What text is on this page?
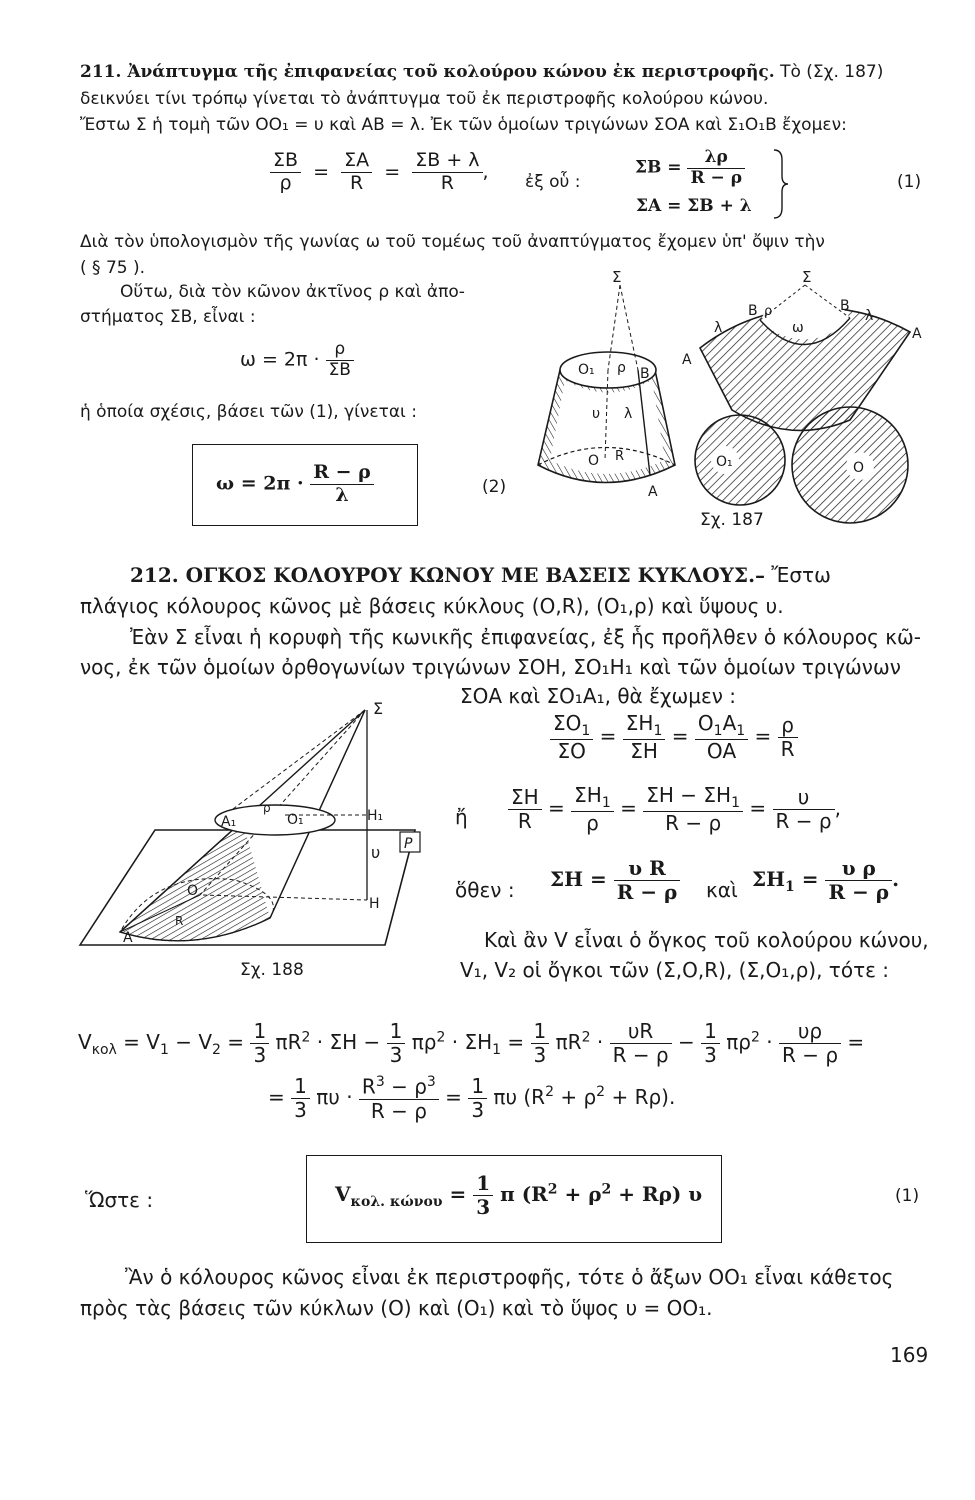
211. Ἀνάπτυγμα τῆς ἐπιφανείας τοῦ κολούρου κώνου ἐκ περιστροφῆς. Τὸ (Σχ. 187)
δεικνύει τίνι τρόπῳ γίνεται τὸ ἀνάπτυγμα τοῦ ἐκ περιστροφῆς κολούρου κώνου.
Ἔστω Σ ἡ τομὴ τῶν ΟΟ₁ = υ καὶ ΑΒ = λ. Ἐκ τῶν ὁμοίων τριγώνων ΣΟΑ καὶ Σ₁Ο₁Β ἔχομεν:
$\frac{\Sigma B}{\rho} = \frac{\Sigma A}{R} = \frac{\Sigma B + \lambda}{R}$ , ἐξ οὗ :
$\Sigma B = \frac{\lambda\rho}{R - \rho}$
ΣΑ = ΣΒ + λ
(1)
Διὰ τὸν ὑπολογισμὸν τῆς γωνίας ω τοῦ τομέως τοῦ ἀναπτύγματος ἔχομεν ὑπ' ὄψιν τὴν
( § 75 ).
Οὕτω, διὰ τὸν κῶνον ἀκτῖνος ρ καὶ ἀπο-
στήματος ΣΒ, εἶναι :
$\omega = 2\pi \cdot \frac{\rho}{\Sigma B}$
ἡ ὁποία σχέσις, βάσει τῶν (1), γίνεται :
$\omega = 2\pi \cdot \frac{R - \rho}{\lambda}$	(2)
Σ
O₁ ρ B
υ λ
O R
A
Σ
B ρ	B
ω
λ
λ
A
A
O₁	O
Σχ. 187
212. ΟΓΚΟΣ ΚΟΛΟΥΡΟΥ ΚΩΝΟΥ ΜΕ ΒΑΣΕΙΣ ΚΥΚΛΟΥΣ.– Ἔστω
πλάγιος κόλουρος κῶνος μὲ βάσεις κύκλους (Ο,R), (Ο₁,ρ) καὶ ὕψους υ.
Ἐὰν Σ εἶναι ἡ κορυφὴ τῆς κωνικῆς ἐπιφανείας, ἐξ ἧς προῆλθεν ὁ κόλουρος κῶ-
νος, ἐκ τῶν ὁμοίων ὀρθογωνίων τριγώνων ΣΟΗ, ΣΟ₁Η₁ καὶ τῶν ὁμοίων τριγώνων
ΣΟΑ καὶ ΣΟ₁Α₁, θὰ ἔχωμεν :
$\frac{\Sigma O_1}{\Sigma O} = \frac{\Sigma H_1}{\Sigma H} = \frac{O_1A_1}{OA} = \frac{\rho}{R}$
ἤ $\frac{\Sigma H}{R} = \frac{\Sigma H_1}{\rho} = \frac{\Sigma H - \Sigma H_1}{R - \rho} = \frac{\upsilon}{R - \rho}$ ,
ὅθεν : $\Sigma H = \frac{\text{υ R}}{R - \rho}$ καὶ $\Sigma H_1 = \frac{\text{υ ρ}}{R - \rho}$ .
Καὶ ἂν V εἶναι ὁ ὄγκος τοῦ κολούρου κώνου,
V₁, V₂ οἱ ὄγκοι τῶν (Σ,Ο,R), (Σ,Ο₁,ρ), τότε :
P
Σ
H₁
H
υ
O₁
ρ
A₁
O
R
A
Σχ. 188
$V_{\kappa o\lambda} = V_1 - V_2 = \frac{1}{3} \pi R^2 \cdot \Sigma H - \frac{1}{3} \pi\rho^2 \cdot \Sigma H_1 = \frac{1}{3} \pi R^2 \cdot \frac{\upsilon R}{R - \rho} - \frac{1}{3} \pi\rho^2 \cdot \frac{\upsilon\rho}{R - \rho}$ =
= $\frac{1}{3}$ $\pi\upsilon \cdot \frac{R^3 - \rho^3}{R - \rho} = \frac{1}{3}$ πυ $(R^2 + \rho^2 + R\rho)$.
Ὥστε :	$V_{\kappa o\lambda. \kappa ώ\nu o\upsilon} = \frac{1}{3}$ π $(R^2 + \rho^2 + R\rho)$ υ	(1)
Ἂν ὁ κόλουρος κῶνος εἶναι ἐκ περιστροφῆς, τότε ὁ ἄξων ΟΟ₁ εἶναι κάθετος
πρὸς τὰς βάσεις τῶν κύκλων (Ο) καὶ (Ο₁) καὶ τὸ ὕψος υ = ΟΟ₁.
169
